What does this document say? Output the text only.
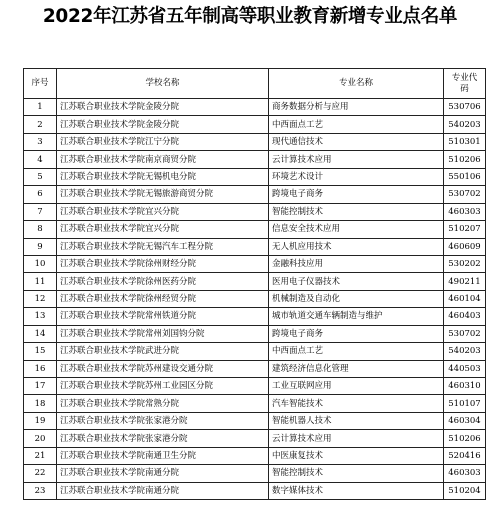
2022年江苏省五年制高等职业教育新增专业点名单
序号	学校名称	专业名称	专业代码
1	江苏联合职业技术学院金陵分院	商务数据分析与应用	530706
2	江苏联合职业技术学院金陵分院	中西面点工艺	540203
3	江苏联合职业技术学院江宁分院	现代通信技术	510301
4	江苏联合职业技术学院南京商贸分院	云计算技术应用	510206
5	江苏联合职业技术学院无锡机电分院	环境艺术设计	550106
6	江苏联合职业技术学院无锡旅游商贸分院	跨境电子商务	530702
7	江苏联合职业技术学院宜兴分院	智能控制技术	460303
8	江苏联合职业技术学院宜兴分院	信息安全技术应用	510207
9	江苏联合职业技术学院无锡汽车工程分院	无人机应用技术	460609
10	江苏联合职业技术学院徐州财经分院	金融科技应用	530202
11	江苏联合职业技术学院徐州医药分院	医用电子仪器技术	490211
12	江苏联合职业技术学院徐州经贸分院	机械制造及自动化	460104
13	江苏联合职业技术学院常州铁道分院	城市轨道交通车辆制造与维护	460403
14	江苏联合职业技术学院常州刘国钧分院	跨境电子商务	530702
15	江苏联合职业技术学院武进分院	中西面点工艺	540203
16	江苏联合职业技术学院苏州建设交通分院	建筑经济信息化管理	440503
17	江苏联合职业技术学院苏州工业园区分院	工业互联网应用	460310
18	江苏联合职业技术学院常熟分院	汽车智能技术	510107
19	江苏联合职业技术学院张家港分院	智能机器人技术	460304
20	江苏联合职业技术学院张家港分院	云计算技术应用	510206
21	江苏联合职业技术学院南通卫生分院	中医康复技术	520416
22	江苏联合职业技术学院南通分院	智能控制技术	460303
23	江苏联合职业技术学院南通分院	数字媒体技术	510204
